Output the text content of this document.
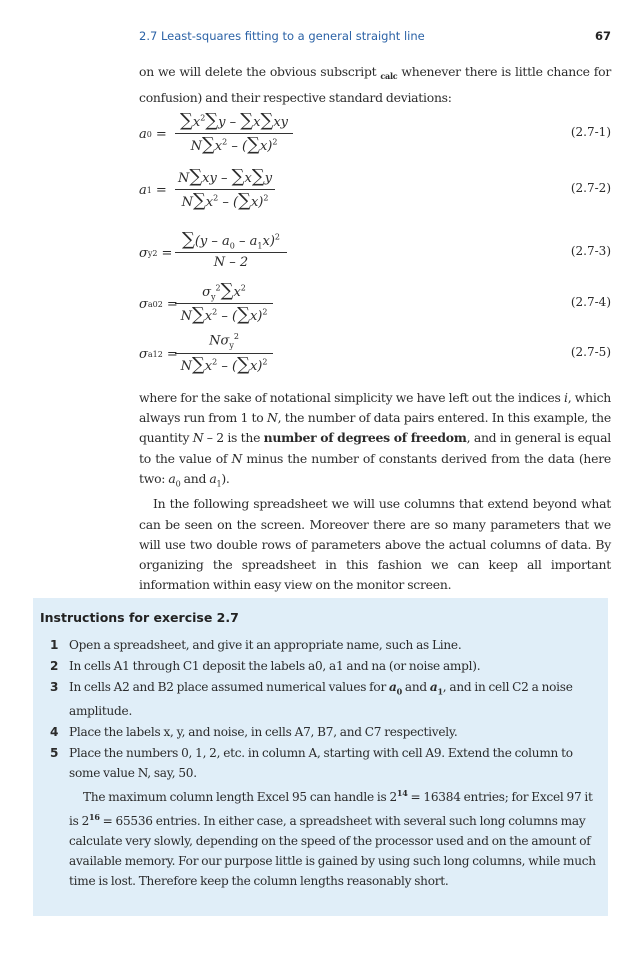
2.7 Least-squares fitting to a general straight line	67
on we will delete the obvious subscript $_{calc}$ whenever there is little chance for confusion) and their respective standard deviations:
a 0 =
$\sum x^2\sum y - \sum x\sum xy$
$N\sum x^2 - (\sum x)^2$
(2.7-1)
a 1 =
N∑xy – ∑x∑y
$N\sum x^2 - (\sum x)^2$
(2.7-2)
σ y 2 =
$\sum(y - a_0 - a_1x)^2$
N – 2
(2.7-3)
σ a0 2 =
$\sigma_y^2\sum x^2$
$N\sum x^2 - (\sum x)^2$
(2.7-4)
σ a1 2 =
$N\sigma_y^2$
$N\sum x^2 - (\sum x)^2$
(2.7-5)

where for the sake of notational simplicity we have left out the indices i, which always run from 1 to N, the number of data pairs entered. In this example, the quantity N – 2 is the number of degrees of freedom, and in general is equal to the value of N minus the number of constants derived from the data (here two: $a_0$ and $a_1$).

In the following spreadsheet we will use columns that extend beyond what can be seen on the screen. Moreover there are so many parameters that we will use two double rows of parameters above the actual columns of data. By organizing the spreadsheet in this fashion we can keep all important information within easy view on the monitor screen.

Instructions for exercise 2.7
1 Open a spreadsheet, and give it an appropriate name, such as Line.
2 In cells A1 through C1 deposit the labels a0, a1 and na (or noise ampl).
3 In cells A2 and B2 place assumed numerical values for $a_0$ and $a_1$, and in cell C2 a noise amplitude.
4 Place the labels x, y, and noise, in cells A7, B7, and C7 respectively.
5 Place the numbers 0, 1, 2, etc. in column A, starting with cell A9. Extend the column to some value N, say, 50.
The maximum column length Excel 95 can handle is $2^{14} = 16384$ entries; for Excel 97 it is $2^{16} = 65536$ entries. In either case, a spreadsheet with several such long columns may calculate very slowly, depending on the speed of the processor used and on the amount of available memory. For our purpose little is gained by using such long columns, while much time is lost. Therefore keep the column lengths reasonably short.
